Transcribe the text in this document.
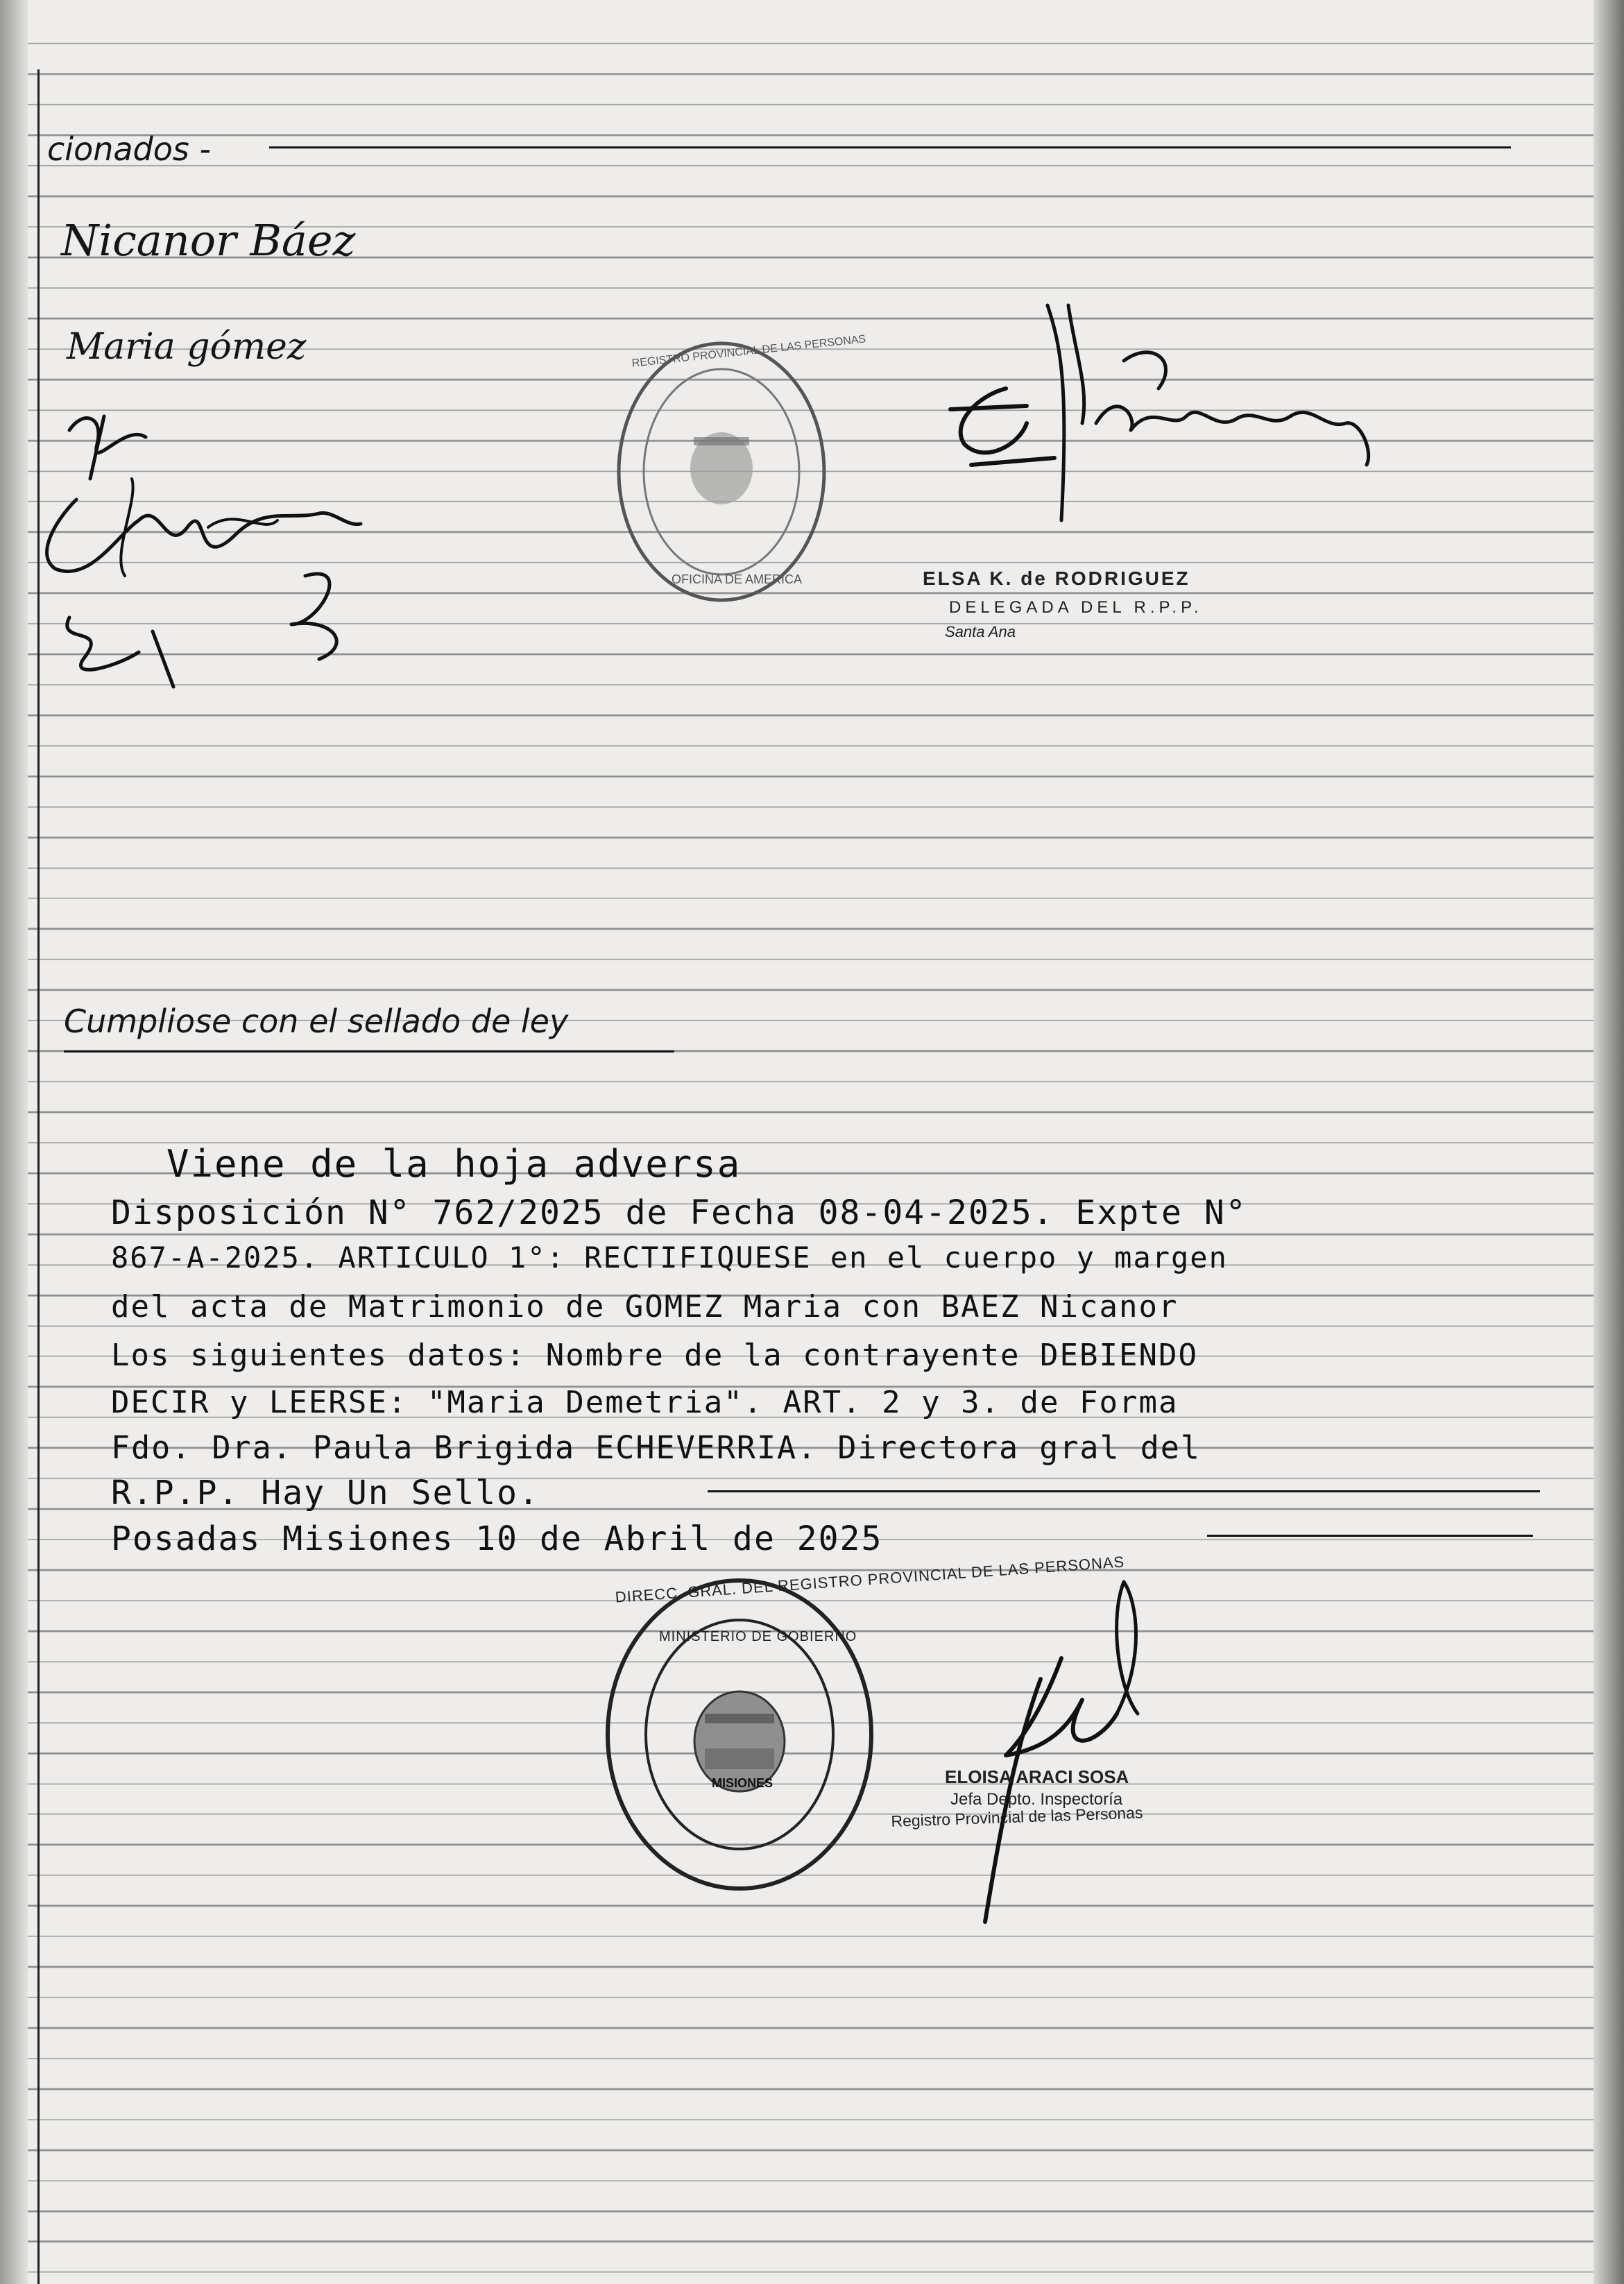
cionados -
Nicanor Báez
Maria gómez	REGISTRO PROVINCIAL DE LAS PERSONAS
OFICINA DE AMERICA	ELSA K. de RODRIGUEZ
DELEGADA DEL R.P.P.
Santa Ana
Cumpliose con el sellado de ley
Viene de la hoja adversa
Disposición N° 762/2025 de Fecha 08-04-2025. Expte N°
867-A-2025. ARTICULO 1°: RECTIFIQUESE en el cuerpo y margen
del acta de Matrimonio de GOMEZ Maria con BAEZ Nicanor
Los siguientes datos: Nombre de la contrayente DEBIENDO
DECIR y LEERSE: "Maria Demetria". ART. 2 y 3. de Forma
Fdo. Dra. Paula Brigida ECHEVERRIA. Directora gral del
R.P.P. Hay Un Sello.
Posadas Misiones 10 de Abril de 2025
DIRECC. GRAL. DEL REGISTRO PROVINCIAL DE LAS PERSONAS
MINISTERIO DE GOBIERNO
MISIONES	ELOISA ARACI SOSA
Jefa Depto. Inspectoría
Registro Provincial de las Personas
